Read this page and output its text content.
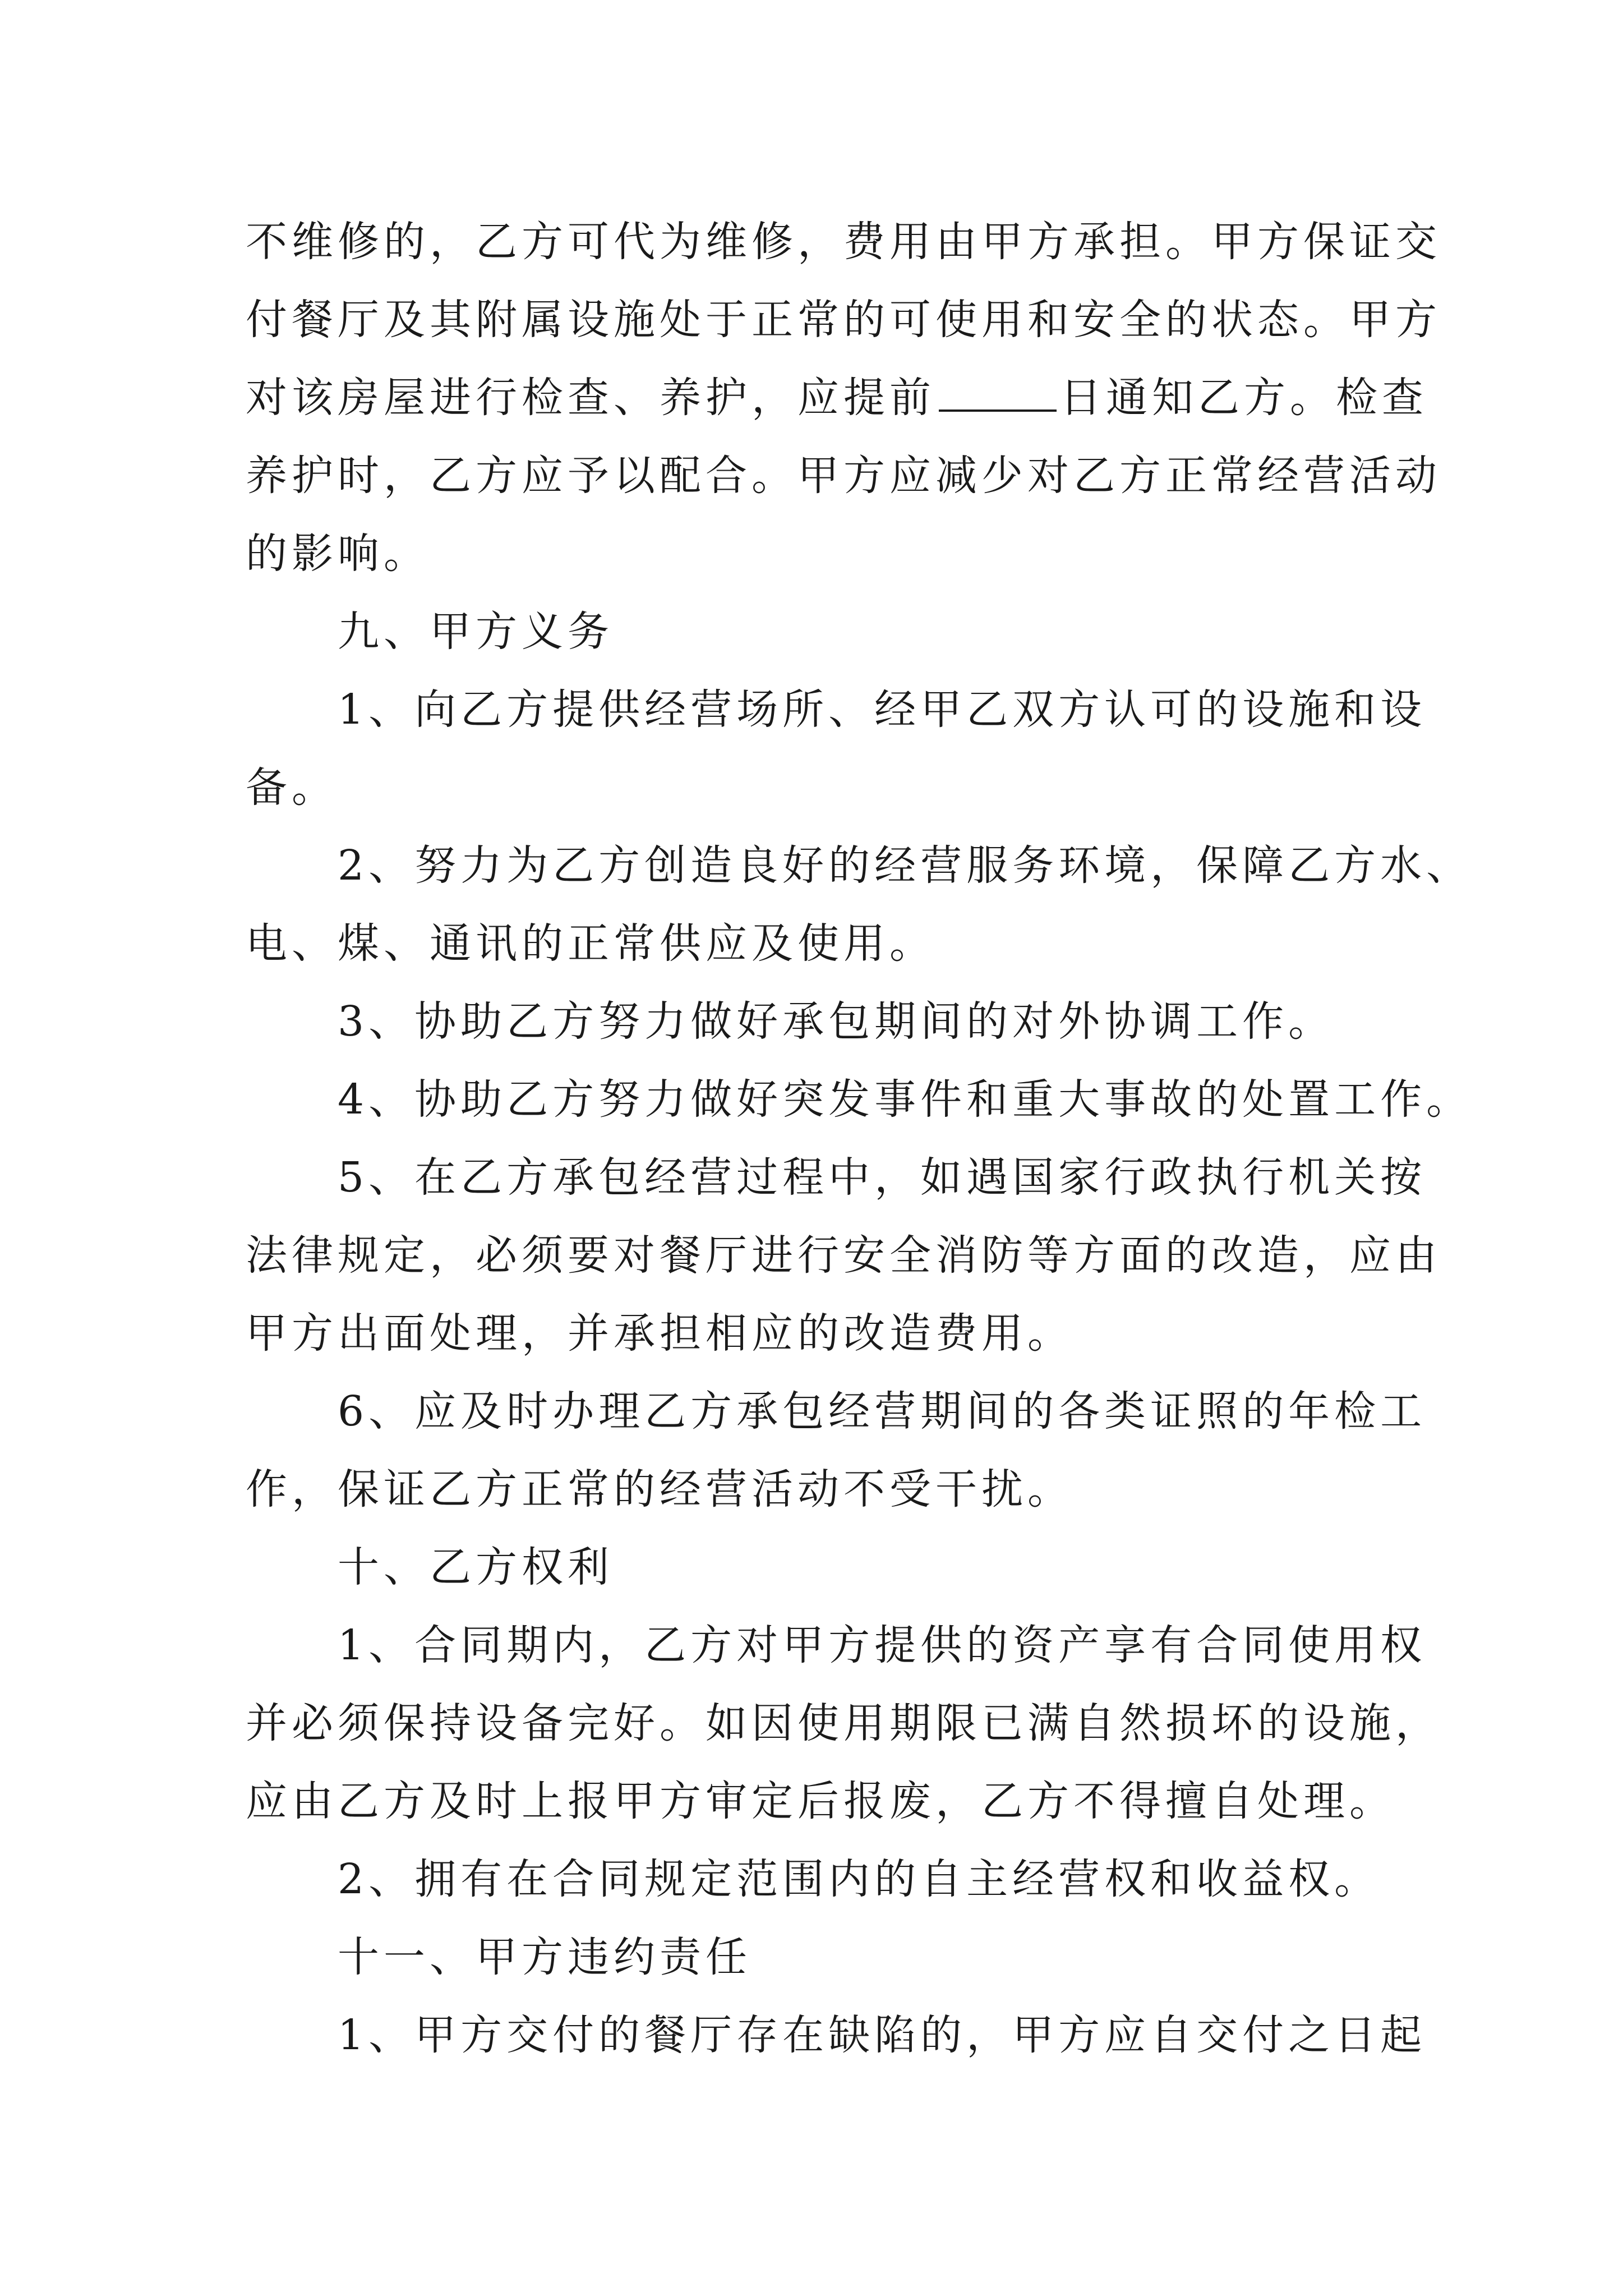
不维修的，乙方可代为维修，费用由甲方承担。甲方保证交
付餐厅及其附属设施处于正常的可使用和安全的状态。甲方
对该房屋进行检查、养护，应提前	日通知乙方。检查
养护时，乙方应予以配合。甲方应减少对乙方正常经营活动
的影响。
九、甲方义务
1、向乙方提供经营场所、经甲乙双方认可的设施和设
备。
2、努力为乙方创造良好的经营服务环境，保障乙方水、
电、煤、通讯的正常供应及使用。
3、协助乙方努力做好承包期间的对外协调工作。
4、协助乙方努力做好突发事件和重大事故的处置工作。
5、在乙方承包经营过程中，如遇国家行政执行机关按
法律规定，必须要对餐厅进行安全消防等方面的改造，应由
甲方出面处理，并承担相应的改造费用。
6、应及时办理乙方承包经营期间的各类证照的年检工
作，保证乙方正常的经营活动不受干扰。
十、乙方权利
1、合同期内，乙方对甲方提供的资产享有合同使用权
并必须保持设备完好。如因使用期限已满自然损坏的设施，
应由乙方及时上报甲方审定后报废，乙方不得擅自处理。
2、拥有在合同规定范围内的自主经营权和收益权。
十一、甲方违约责任
1、甲方交付的餐厅存在缺陷的，甲方应自交付之日起
